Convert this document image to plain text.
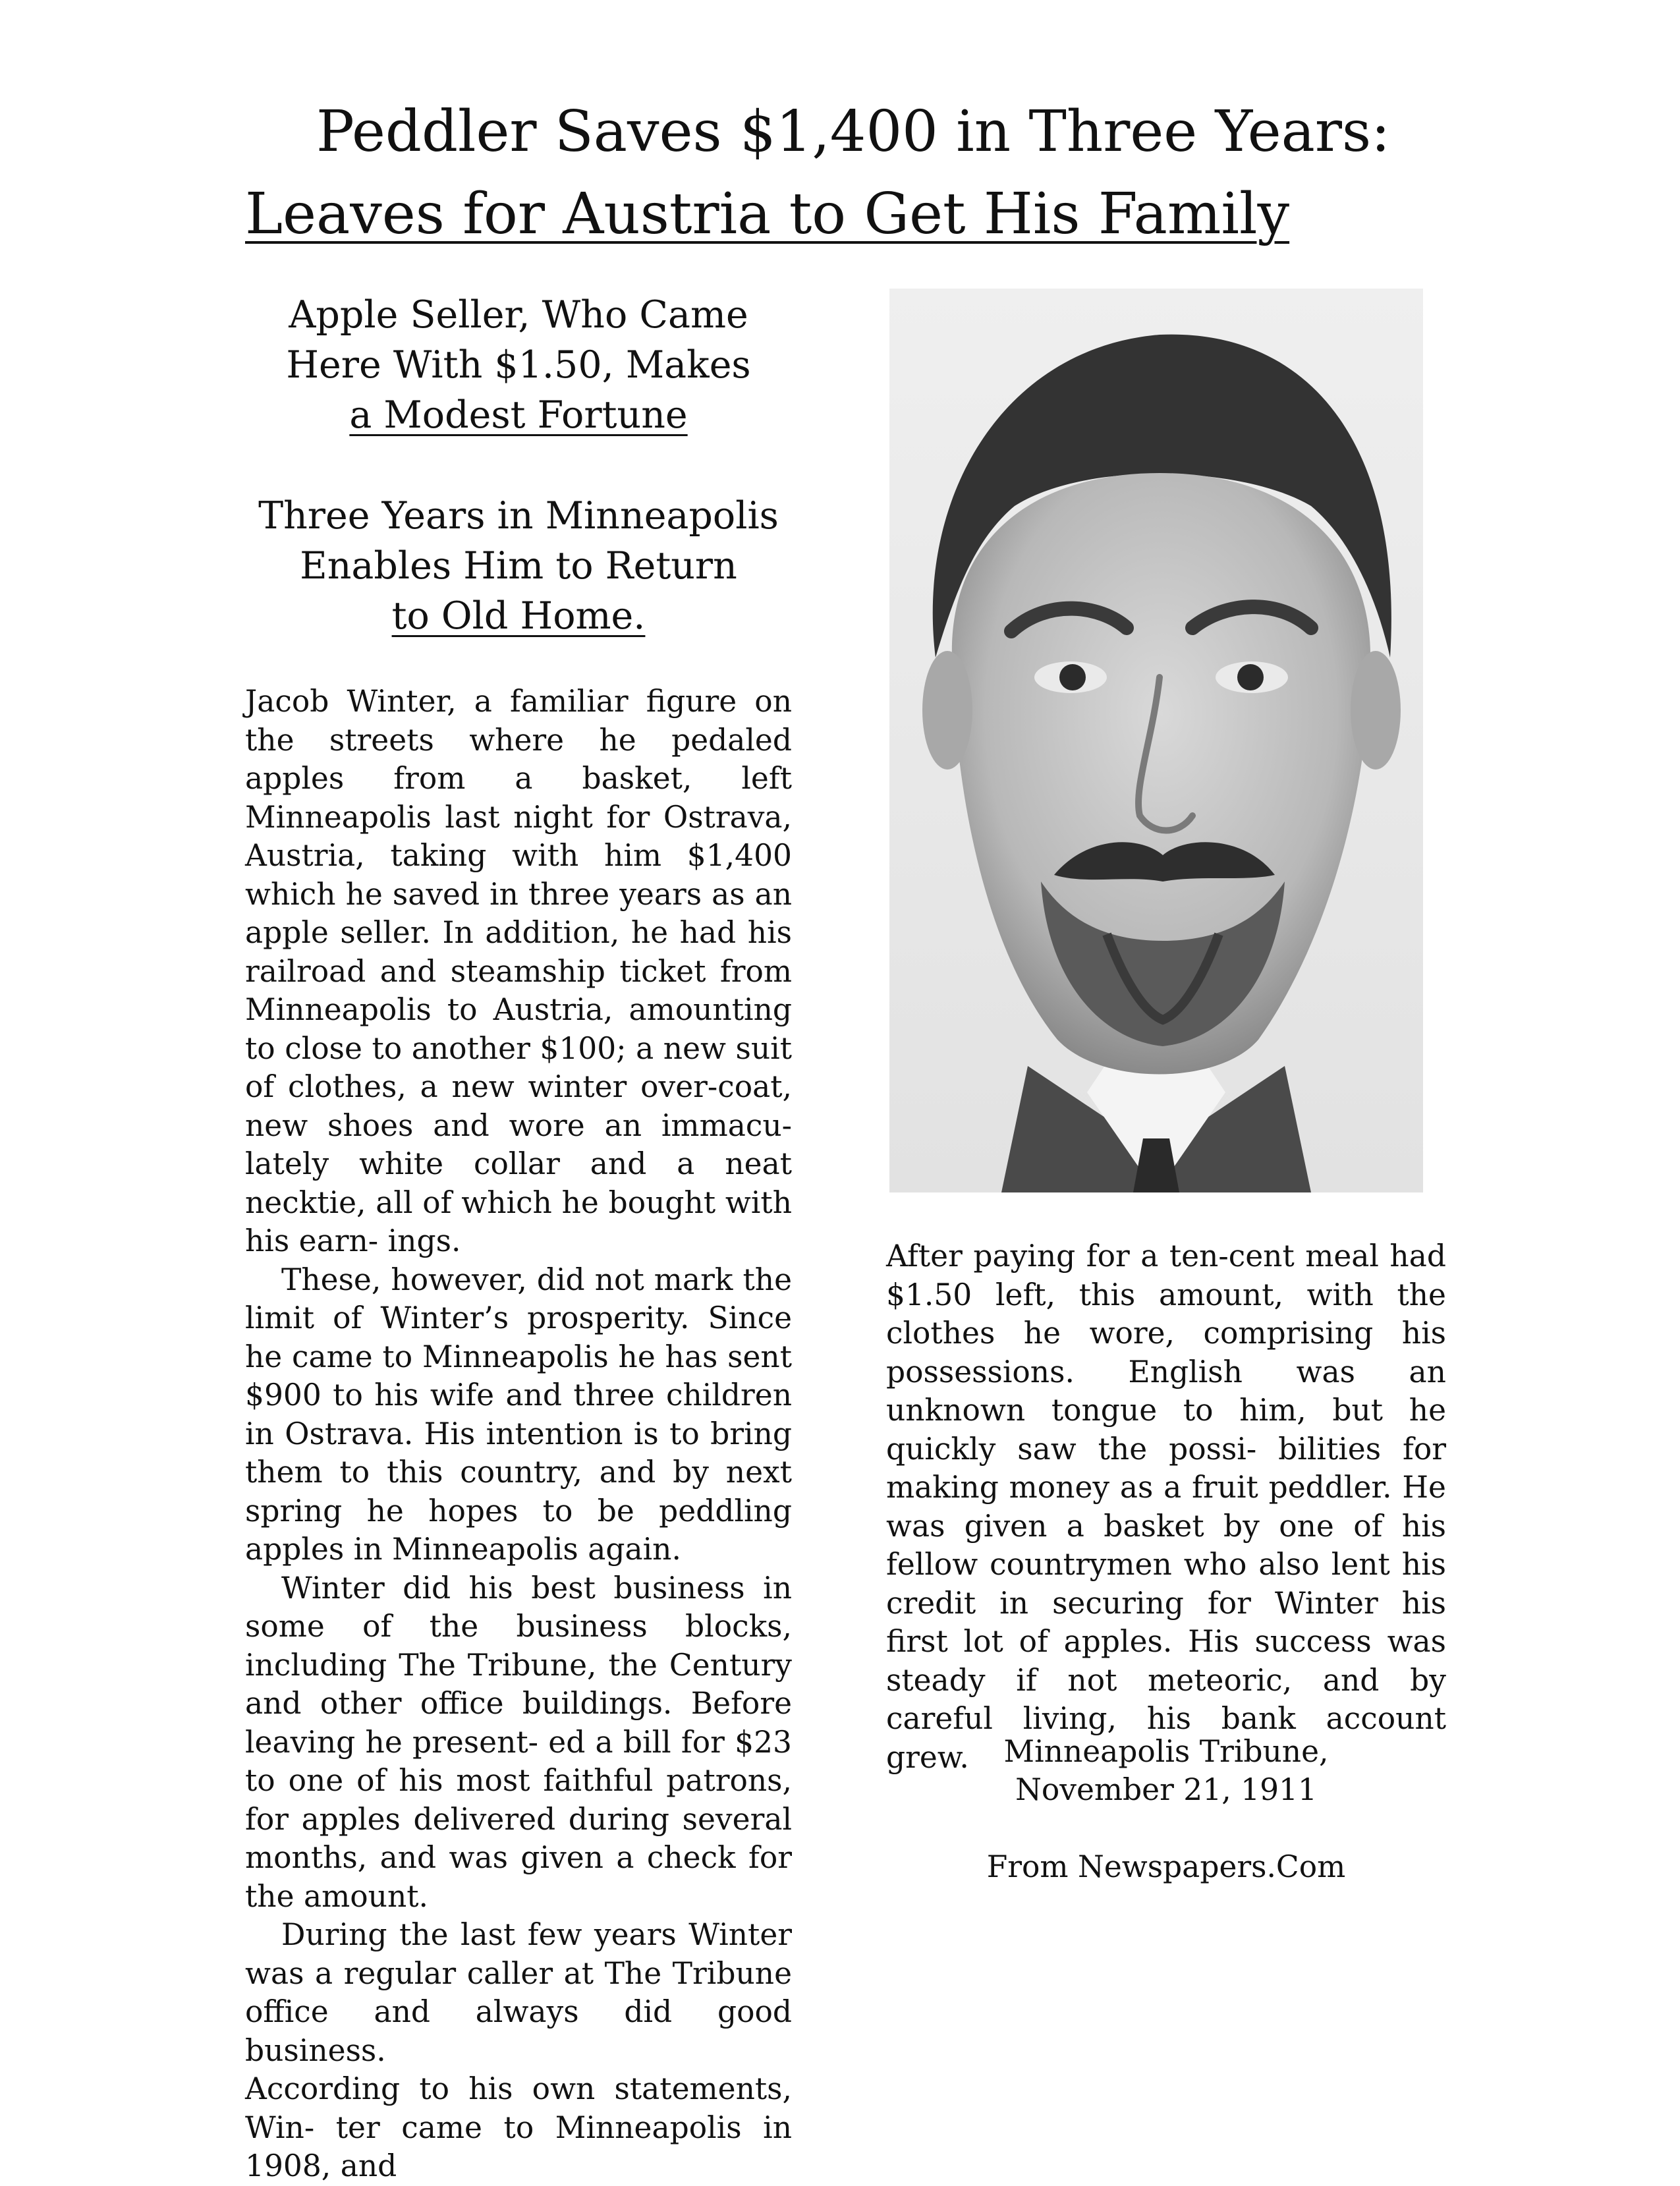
Peddler Saves $1,400 in Three Years:
Leaves for Austria to Get His Family
Apple Seller, Who Came
Here With $1.50, Makes
a Modest Fortune
Three Years in Minneapolis
Enables Him to Return
to Old Home.

Jacob Winter, a familiar figure on the streets where he pedaled apples from a basket, left Minneapolis last night for Ostrava, Austria, taking with him $1,400 which he saved in three years as an apple seller. In addition, he had his railroad and steamship ticket from Minneapolis to Austria, amounting to close to another $100; a new suit of clothes, a new winter over-coat, new shoes and wore an immacu- lately white collar and a neat necktie, all of which he bought with his earn- ings.

These, however, did not mark the limit of Winter’s prosperity. Since he came to Minneapolis he has sent $900 to his wife and three children in Ostrava. His intention is to bring them to this country, and by next spring he hopes to be peddling apples in Minneapolis again.

Winter did his best business in some of the business blocks, including The Tribune, the Century and other office buildings. Before leaving he present- ed a bill for $23 to one of his most faithful patrons, for apples delivered during several months, and was given a check for the amount.

During the last few years Winter was a regular caller at The Tribune office and always did good business.

According to his own statements, Win- ter came to Minneapolis in 1908, and

After paying for a ten-cent meal had $1.50 left, this amount, with the clothes he wore, comprising his possessions. English was an unknown tongue to him, but he quickly saw the possi- bilities for making money as a fruit peddler. He was given a basket by one of his fellow countrymen who also lent his credit in securing for Winter his first lot of apples. His success was steady if not meteoric, and by careful living, his bank account grew.	Minneapolis Tribune,
November 21, 1911
From Newspapers.Com
